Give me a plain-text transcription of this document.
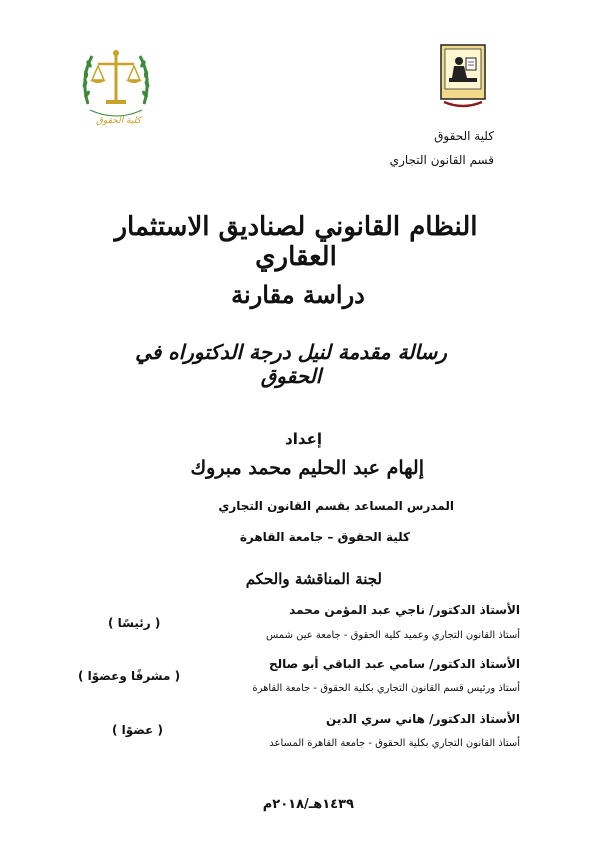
كلية الحقوق
قسم القانون التجاري
كلية الحقوق
النظام القانوني لصناديق الاستثمار العقاري
دراسة مقارنة
رسالة مقدمة لنيل درجة الدكتوراه في الحقوق
إعداد
إلهام عبد الحليم محمد مبروك
المدرس المساعد بقسم القانون التجاري
كلية الحقوق – جامعة القاهرة
لجنة المناقشة والحكم
الأستاذ الدكتور/ ناجي عبد المؤمن محمد
أستاذ القانون التجاري وعميد كلية الحقوق - جامعة عين شمس
( رئيسًا )
الأستاذ الدكتور/ سامي عبد الباقي أبو صالح
أستاذ ورئيس قسم القانون التجاري بكلية الحقوق - جامعة القاهرة
( مشرفًا وعضوًا )
الأستاذ الدكتور/ هاني سري الدين
أستاذ القانون التجاري بكلية الحقوق - جامعة القاهرة المساعد
( عضوًا )
١٤٣٩هـ/٢٠١٨م
